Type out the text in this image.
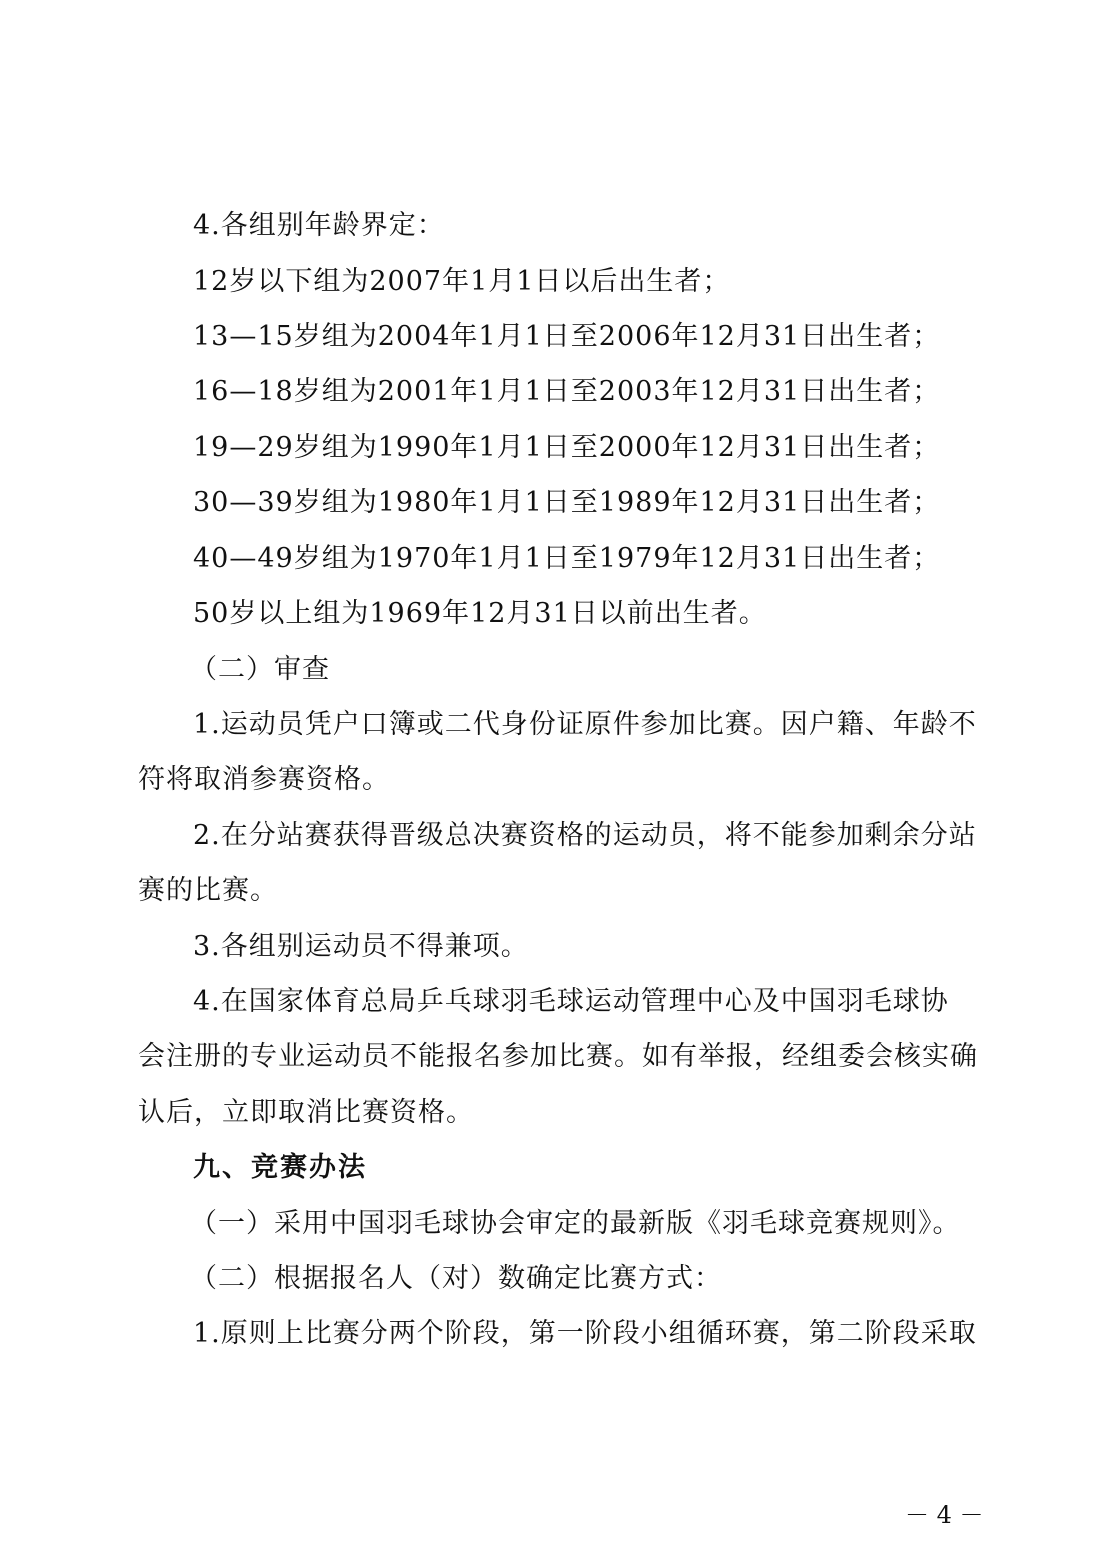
4.各组别年龄界定：
12岁以下组为2007年1月1日以后出生者；
13—15岁组为2004年1月1日至2006年12月31日出生者；
16—18岁组为2001年1月1日至2003年12月31日出生者；
19—29岁组为1990年1月1日至2000年12月31日出生者；
30—39岁组为1980年1月1日至1989年12月31日出生者；
40—49岁组为1970年1月1日至1979年12月31日出生者；
50岁以上组为1969年12月31日以前出生者。
（二）审查
1.运动员凭户口簿或二代身份证原件参加比赛。因户籍、年龄不
符将取消参赛资格。
2.在分站赛获得晋级总决赛资格的运动员，将不能参加剩余分站
赛的比赛。
3.各组别运动员不得兼项。
4.在国家体育总局乒乓球羽毛球运动管理中心及中国羽毛球协
会注册的专业运动员不能报名参加比赛。如有举报，经组委会核实确
认后，立即取消比赛资格。
九、竞赛办法
（一）采用中国羽毛球协会审定的最新版《羽毛球竞赛规则》。
（二）根据报名人（对）数确定比赛方式：
1.原则上比赛分两个阶段，第一阶段小组循环赛，第二阶段采取
－ 4 －
